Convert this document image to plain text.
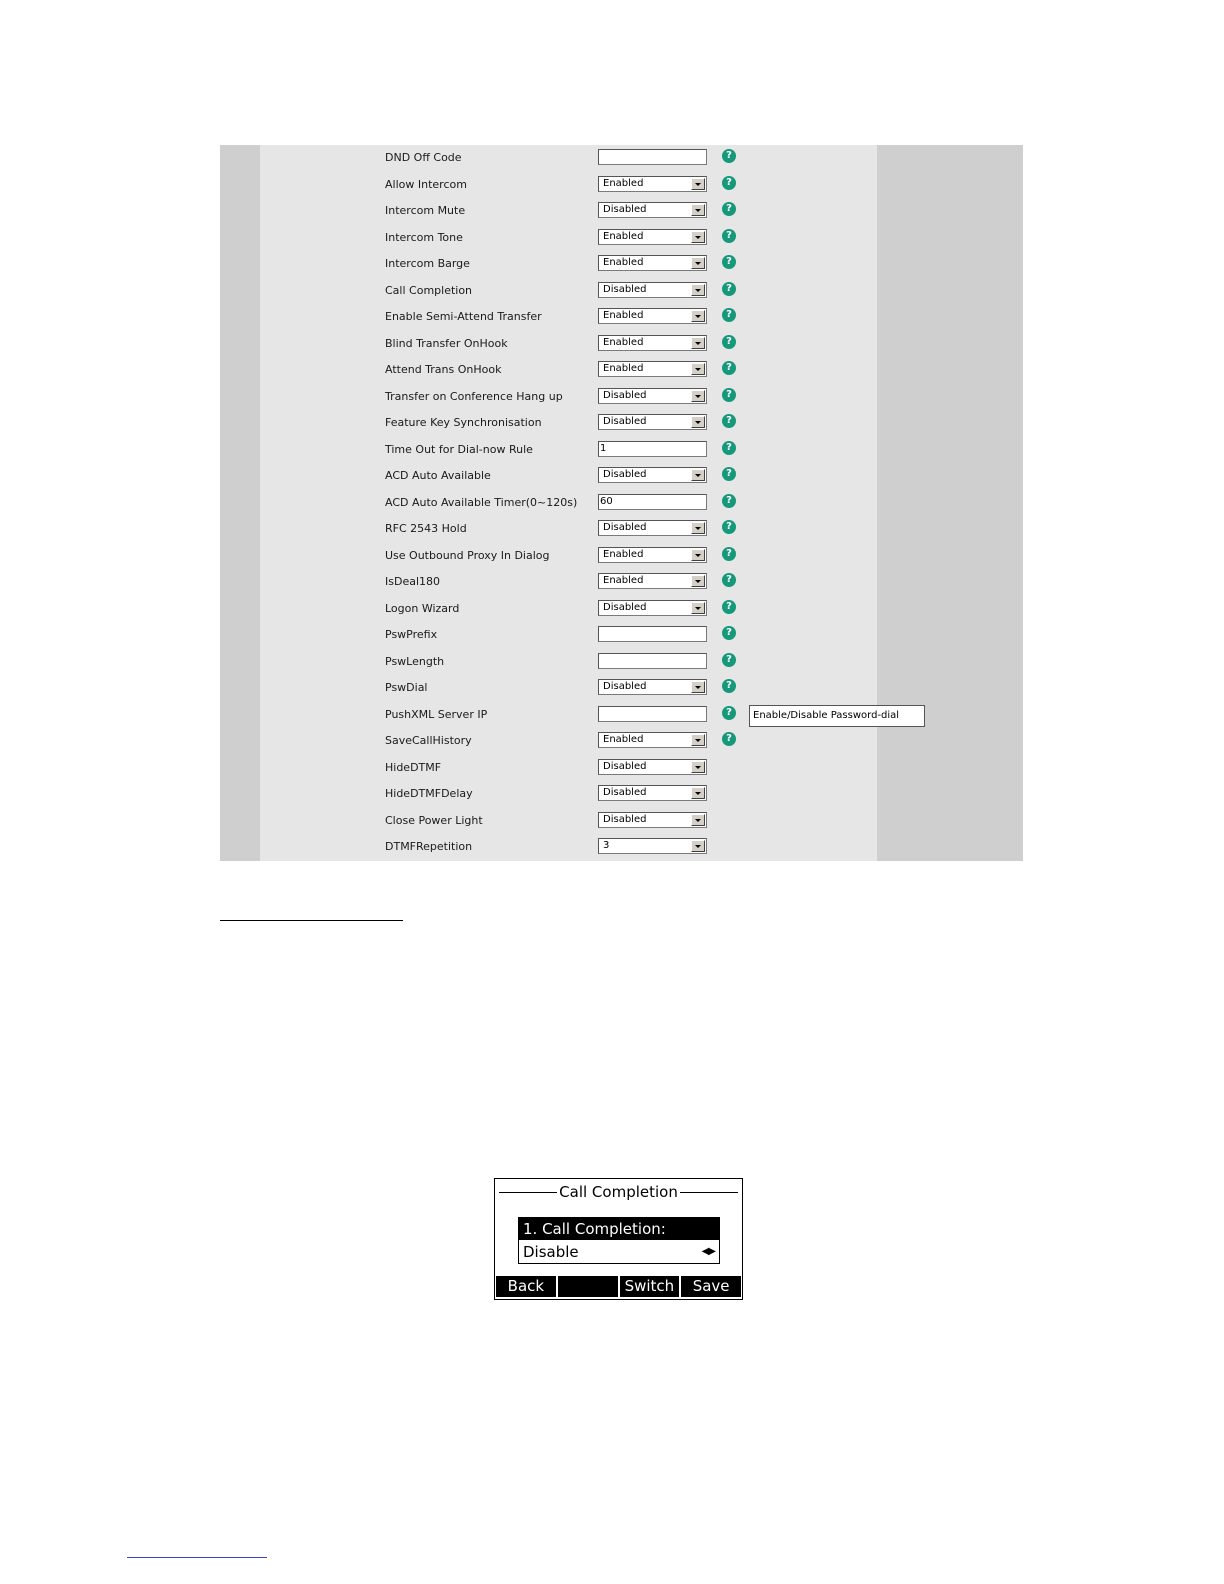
DND Off Code	?
Allow Intercom	Enabled	?
Intercom Mute	Disabled	?
Intercom Tone	Enabled	?
Intercom Barge	Enabled	?
Call Completion	Disabled	?
Enable Semi-Attend Transfer	Enabled	?
Blind Transfer OnHook	Enabled	?
Attend Trans OnHook	Enabled	?
Transfer on Conference Hang up	Disabled	?
Feature Key Synchronisation	Disabled	?
Time Out for Dial-now Rule	1	?
ACD Auto Available	Disabled	?
ACD Auto Available Timer(0~120s) 60	?
RFC 2543 Hold	Disabled	?
Use Outbound Proxy In Dialog	Enabled	?
IsDeal180	Enabled	?
Logon Wizard	Disabled	?
PswPrefix	?
PswLength	?
PswDial	Disabled	?
PushXML Server IP	?
SaveCallHistory	Enabled	?
HideDTMF	Disabled
HideDTMFDelay	Disabled
Close Power Light	Disabled
DTMFRepetition	3
Enable/Disable Password-dial
Call Completion
1. Call Completion:
Disable	◀▶
Back	Switch	Save
